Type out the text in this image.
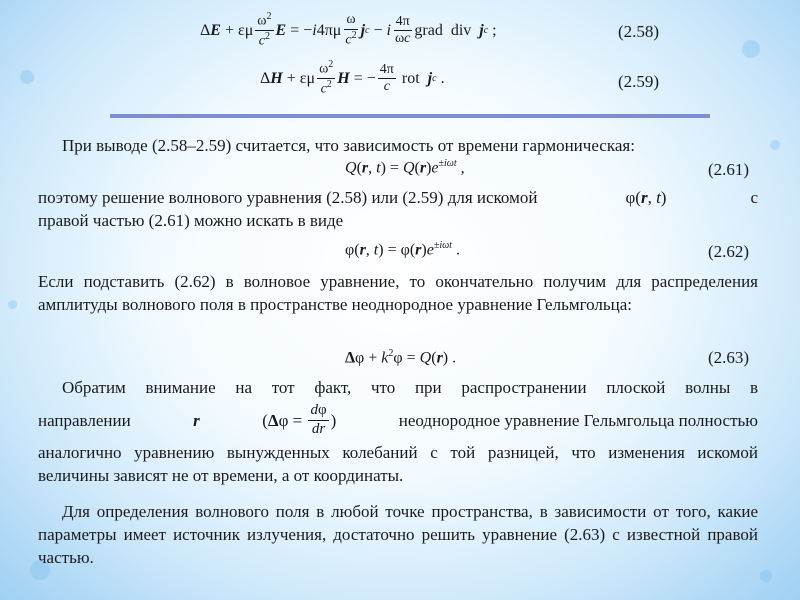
Δ E + εμ $\frac{\omega^2}{c^2}$ E = − i $4\pi\mu \frac{\omega}{c^2}$ j c − i $\frac{4\pi}{\omega c}$ grad  div j c ;	(2.58)
Δ H + εμ $\frac{\omega^2}{c^2}$ H = − $\frac{4\pi}{c}$ rot j c .	(2.59)
При выводе (2.58–2.59) считается, что зависимость от времени гармоническая:
Q(r, $t) = Q(r)e^{\pm i\omega t}$ ,	(2.61)
поэтому решение волнового уравнения (2.58) или (2.59) для искомой	φ(r, t)	с
правой частью (2.61) можно искать в виде
φ(r, $t) = \varphi(r)e^{\pm i\omega t}$ .	(2.62)
Если подставить (2.62) в волновое уравнение, то окончательно получим для распределения амплитуды волнового поля в пространстве неоднородное уравнение Гельмгольца:
$\Delta\varphi + k^2\varphi = Q(r)$ .	(2.63)
Обратим внимание на тот факт, что при распространении плоской волны в
направлении	r	( Δ $\varphi = \frac{d\varphi}{dr}$ )	неоднородное уравнение Гельмгольца полностью
аналогично уравнению вынужденных колебаний с той разницей, что изменения искомой величины зависят не от времени, а от координаты.
Для определения волнового поля в любой точке пространства, в зависимости от того, какие параметры имеет источник излучения, достаточно решить уравнение (2.63) с известной правой частью.
